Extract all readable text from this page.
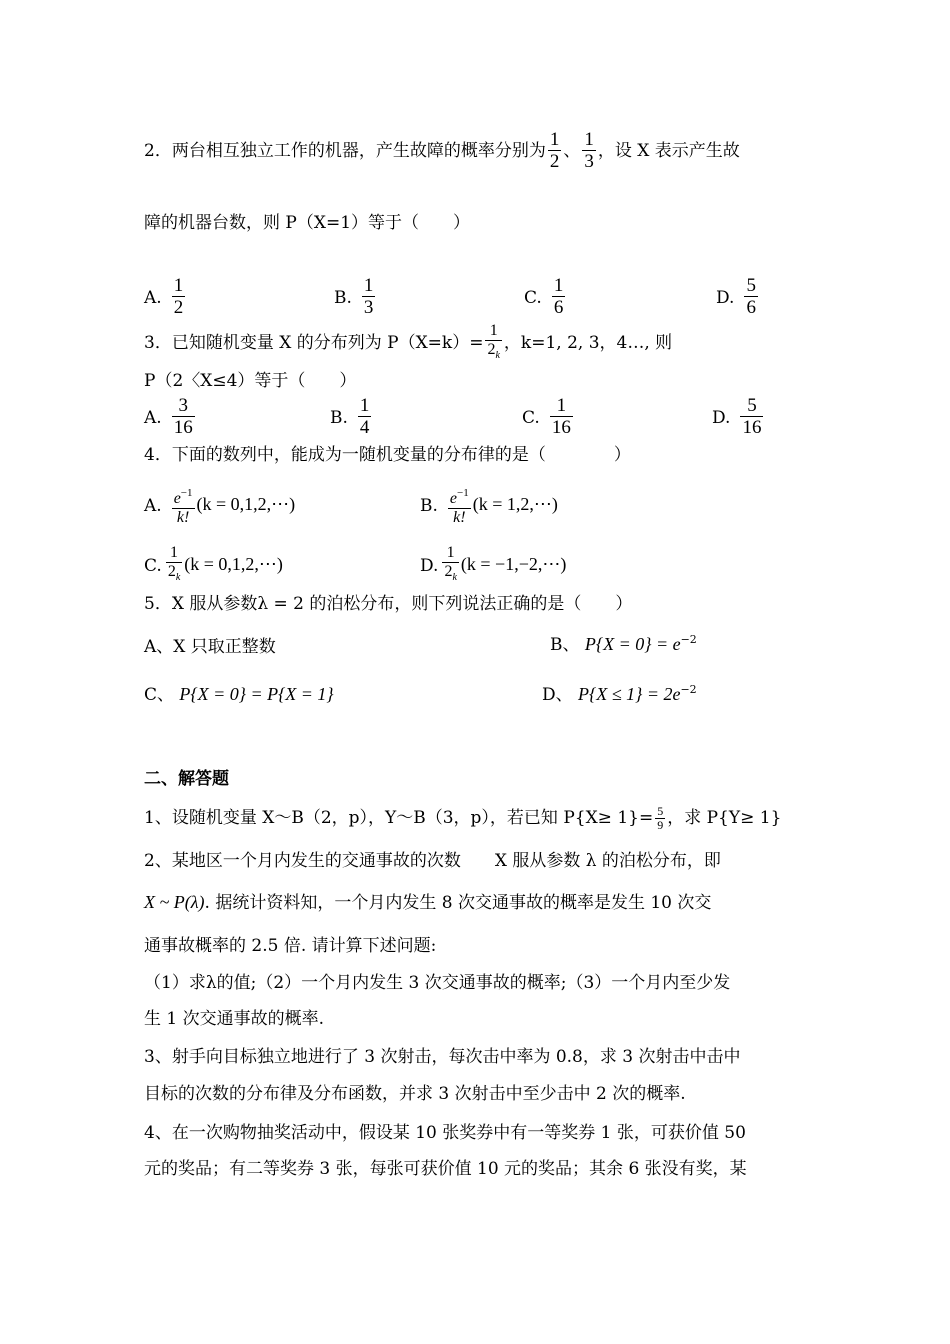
2．两台相互独立工作的机器，产生故障的概率分别为 $\frac{1}{2}$ 、 $\frac{1}{3}$ ，设 X 表示产生故
障的机器台数，则 P（X=1）等于（　　）
A. $\frac{1}{2}$	B. $\frac{1}{3}$	C. $\frac{1}{6}$	D. $\frac{5}{6}$
3．已知随机变量 X 的分布列为 $P(X=k)= \frac{1}{2_k}$ ，k=1, 2, 3，4…, 则
P（2〈X≤4）等于（　　）
A. $\frac{3}{16}$	B. $\frac{1}{4}$	C. $\frac{1}{16}$	D. $\frac{5}{16}$
4．下面的数列中，能成为一随机变量的分布律的是（　　　　）
A. $\frac{e^{-1}}{k!} (k$ = 0,1,2,⋯)	B. $\frac{e^{-1}}{k!} (k$ = 1,2,⋯)
C. $\frac{1}{2_k} (k$ = 0,1,2,⋯)	D. $\frac{1}{2_k} (k$ = −1,−2,⋯)
5．X 服从参数λ = 2 的泊松分布，则下列说法正确的是（　　）
A、X 只取正整数	B、 $P\{X = 0\} = e^{-2}$
C、 P{X = 0} = P{X = 1}	D、 $P\{X \le 1\} = 2e^{-2}$
二、解答题
1、设随机变量 X～B（2，p），Y～B（3，p），若已知 $P\{X\ge 1\}= \frac{5}{9}$ ，求 P{Y≥ 1}
2、某地区一个月内发生的交通事故的次数　　X 服从参数 λ 的泊松分布，即
X ~ P(λ). 据统计资料知，一个月内发生 8 次交通事故的概率是发生 10 次交
通事故概率的 2.5 倍. 请计算下述问题:
（1）求λ的值;（2）一个月内发生 3 次交通事故的概率;（3）一个月内至少发
生 1 次交通事故的概率.
3、射手向目标独立地进行了 3 次射击，每次击中率为 0.8，求 3 次射击中击中
目标的次数的分布律及分布函数，并求 3 次射击中至少击中 2 次的概率.
4、在一次购物抽奖活动中，假设某 10 张奖券中有一等奖券 1 张，可获价值 50
元的奖品；有二等奖券 3 张，每张可获价值 10 元的奖品；其余 6 张没有奖，某
